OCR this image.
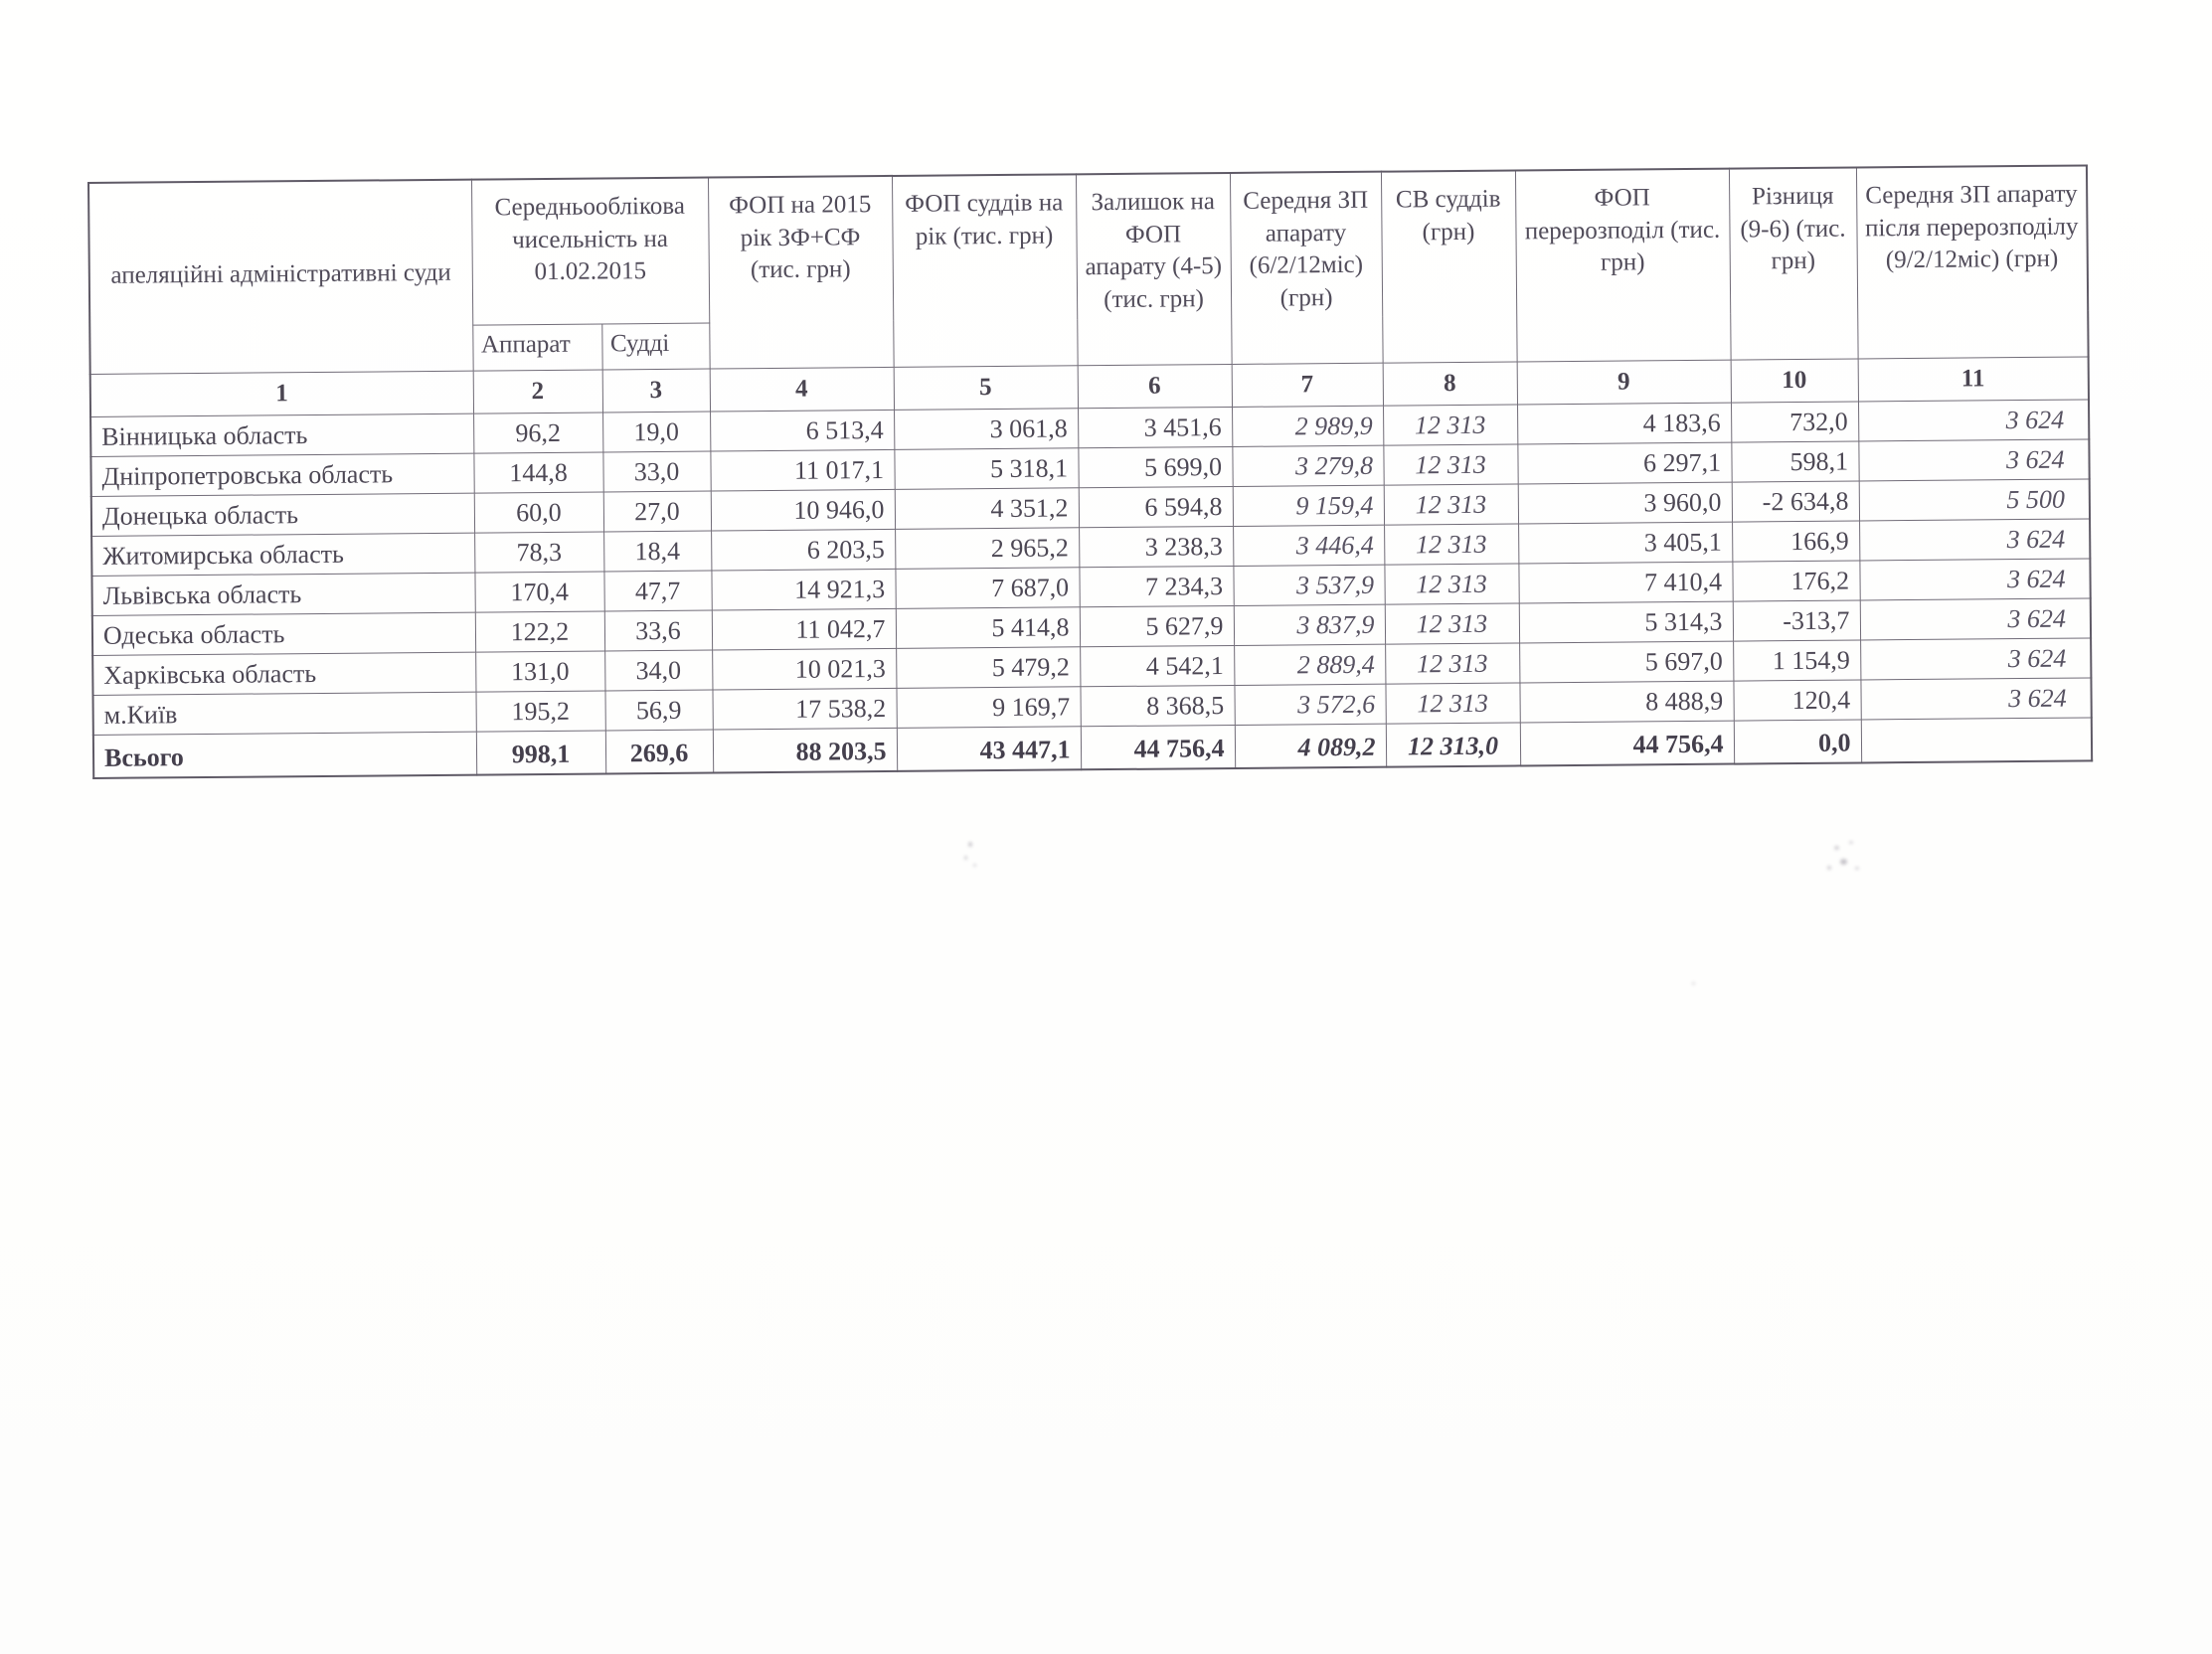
апеляційні адміністративні суди	Середньооблікова чисельність на 01.02.2015		ФОП на 2015 рік ЗФ+СФ (тис. грн)	ФОП суддів на рік (тис. грн)	Залишок на ФОП апарату (4-5) (тис. грн)	Середня ЗП апарату (6/2/12міс) (грн)	СВ суддів (грн)	ФОП перерозподіл (тис. грн)	Різниця (9-6) (тис. грн)	Середня ЗП апарату після перерозподілу (9/2/12міс) (грн)
	Аппарат	Судді								
1	2	3	4	5	6	7	8	9	10	11
Вінницька область	96,2	19,0	6 513,4	3 061,8	3 451,6	2 989,9	12 313	4 183,6	732,0	3 624
Дніпропетровська область	144,8	33,0	11 017,1	5 318,1	5 699,0	3 279,8	12 313	6 297,1	598,1	3 624
Донецька область	60,0	27,0	10 946,0	4 351,2	6 594,8	9 159,4	12 313	3 960,0	-2 634,8	5 500
Житомирська область	78,3	18,4	6 203,5	2 965,2	3 238,3	3 446,4	12 313	3 405,1	166,9	3 624
Львівська область	170,4	47,7	14 921,3	7 687,0	7 234,3	3 537,9	12 313	7 410,4	176,2	3 624
Одеська область	122,2	33,6	11 042,7	5 414,8	5 627,9	3 837,9	12 313	5 314,3	-313,7	3 624
Харківська область	131,0	34,0	10 021,3	5 479,2	4 542,1	2 889,4	12 313	5 697,0	1 154,9	3 624
м.Київ	195,2	56,9	17 538,2	9 169,7	8 368,5	3 572,6	12 313	8 488,9	120,4	3 624
Всього	998,1	269,6	88 203,5	43 447,1	44 756,4	4 089,2	12 313,0	44 756,4	0,0	
